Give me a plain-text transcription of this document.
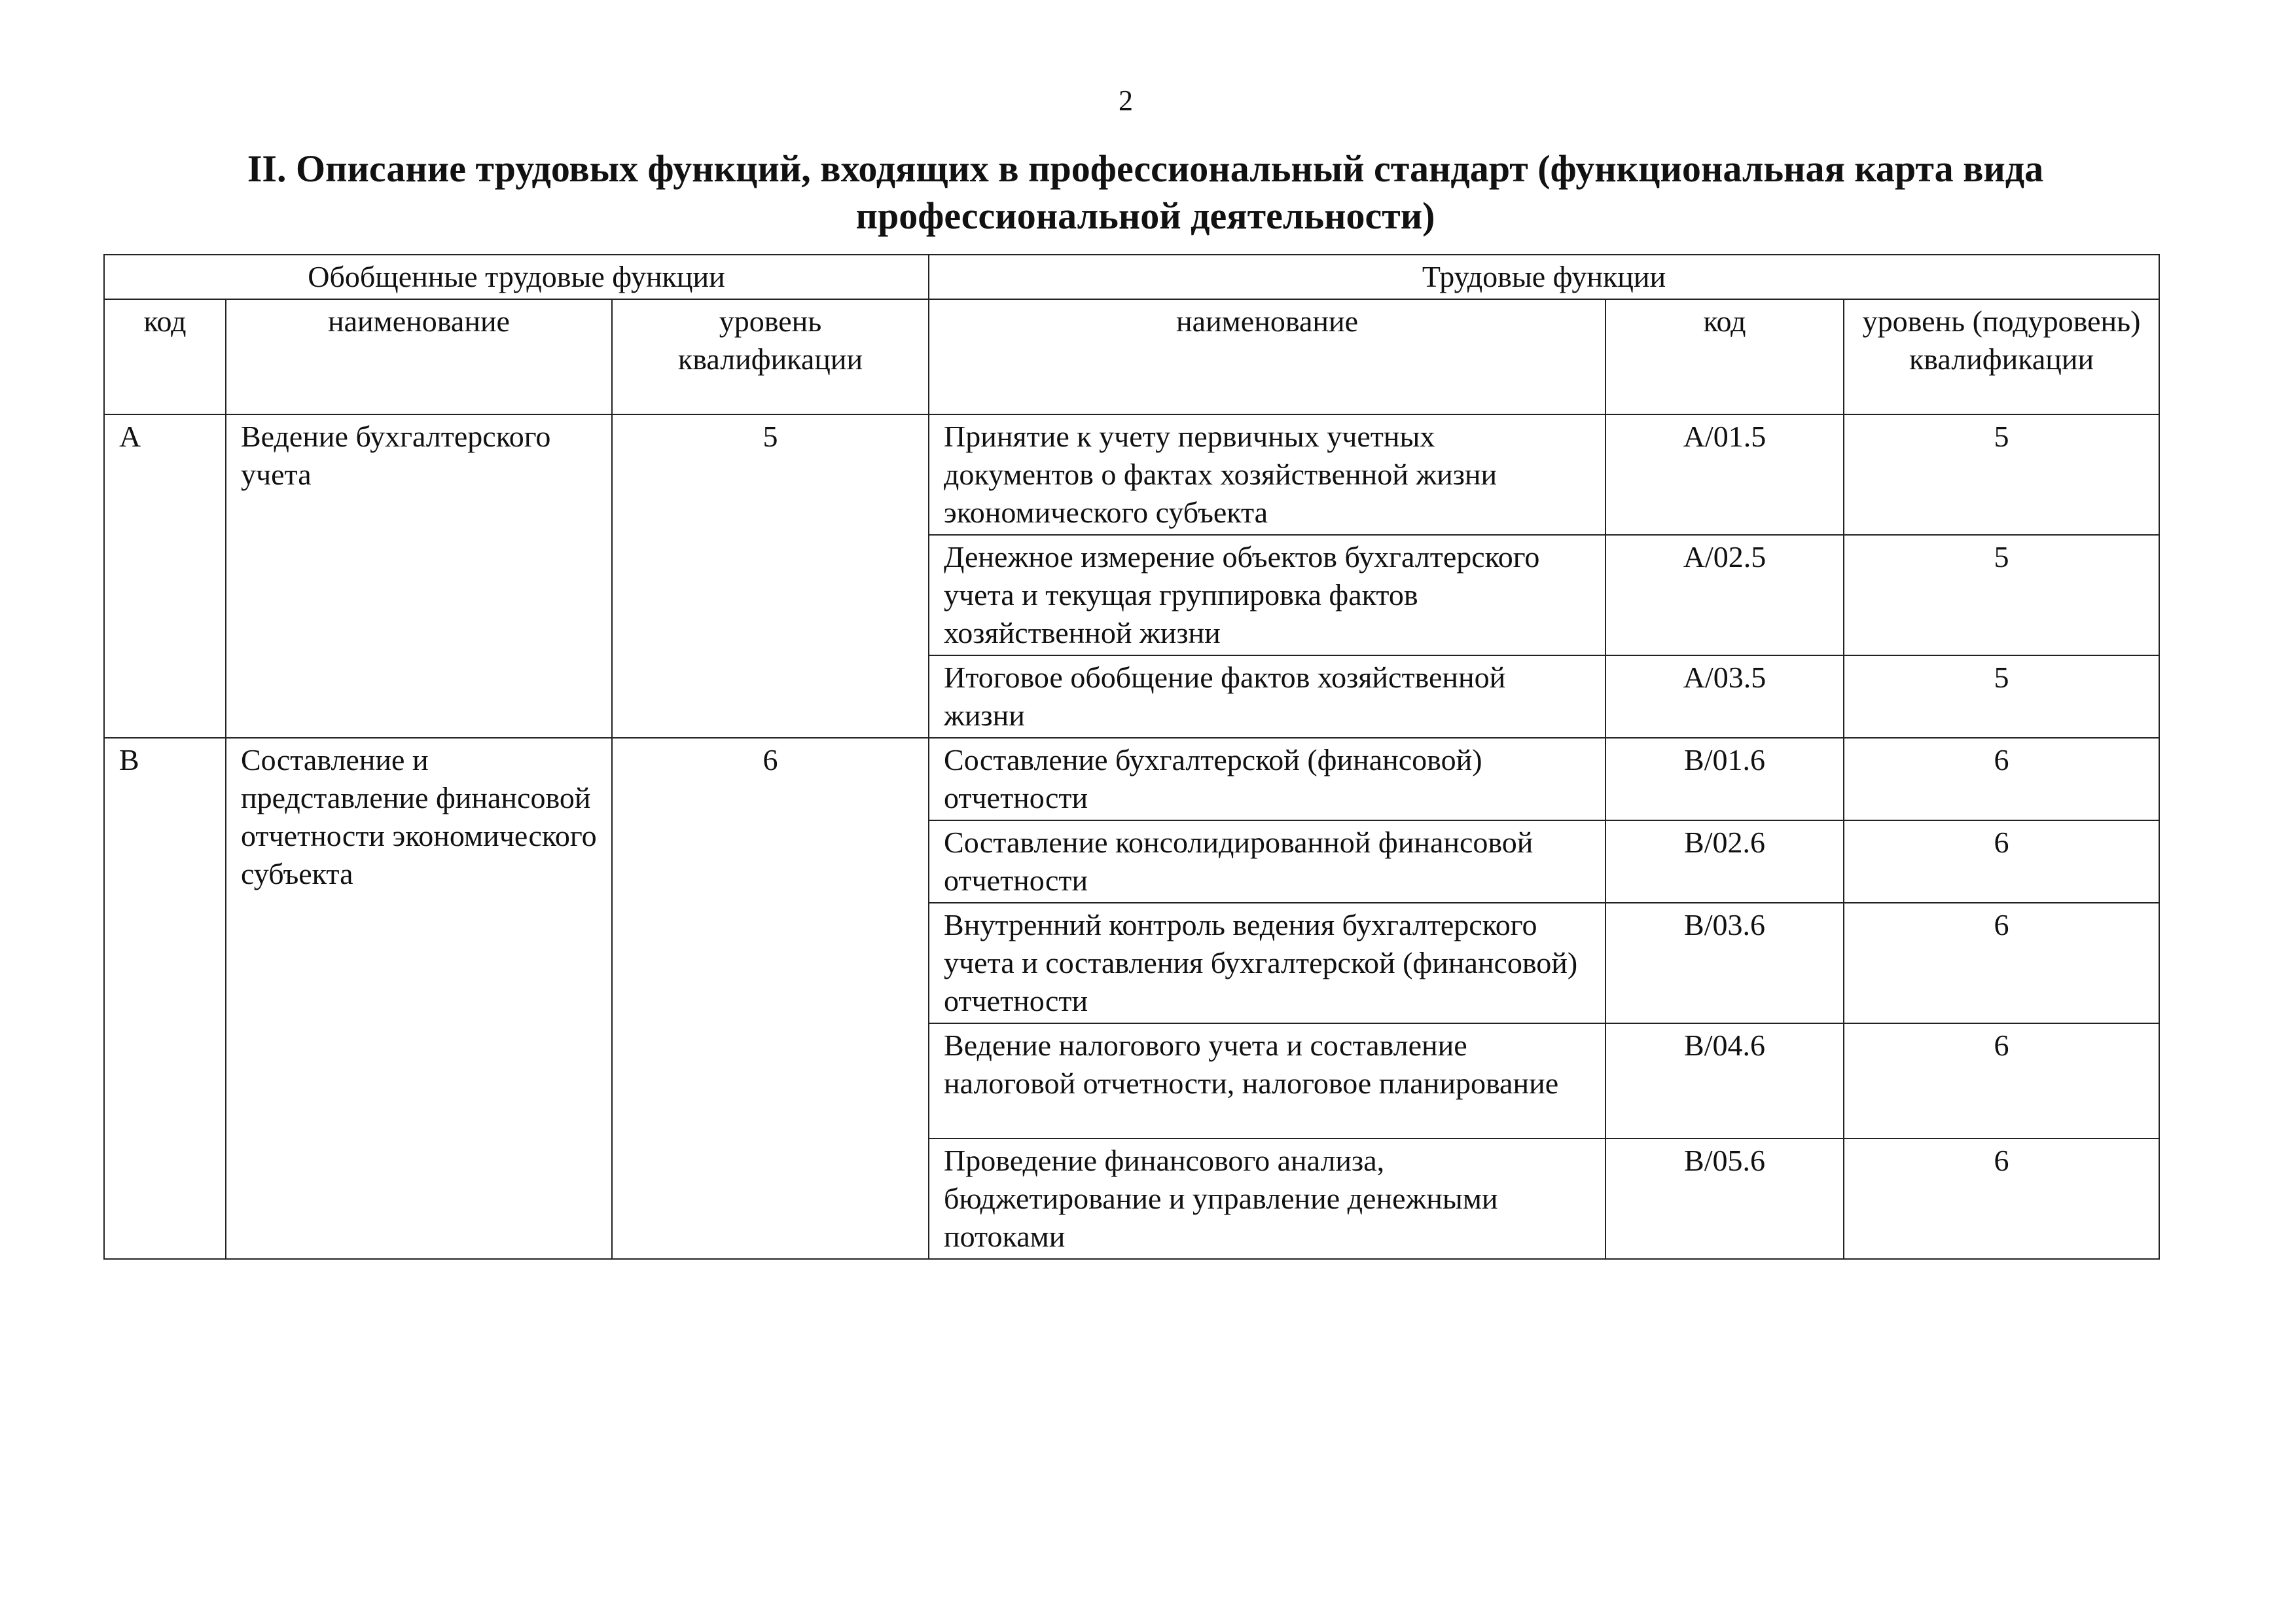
2
II. Описание трудовых функций, входящих в профессиональный стандарт (функциональная карта вида
профессиональной деятельности)
Обобщенные трудовые функции			Трудовые функции		
код	наименование	уровень квалификации	наименование	код	уровень (подуровень) квалификации
A	Ведение бухгалтерского учета	5	Принятие к учету первичных учетных документов о фактах хозяйственной жизни экономического субъекта	A/01.5	5
			Денежное измерение объектов бухгалтерского учета и текущая группировка фактов хозяйственной жизни	A/02.5	5
			Итоговое обобщение фактов хозяйственной жизни	A/03.5	5
B	Составление и представление финансовой отчетности экономического субъекта	6	Составление бухгалтерской (финансовой) отчетности	B/01.6	6
			Составление консолидированной финансовой отчетности	B/02.6	6
			Внутренний контроль ведения бухгалтерского учета и составления бухгалтерской (финансовой) отчетности	B/03.6	6
			Ведение налогового учета и составление налоговой отчетности, налоговое планирование	B/04.6	6
			Проведение финансового анализа, бюджетирование и управление денежными потоками	B/05.6	6
